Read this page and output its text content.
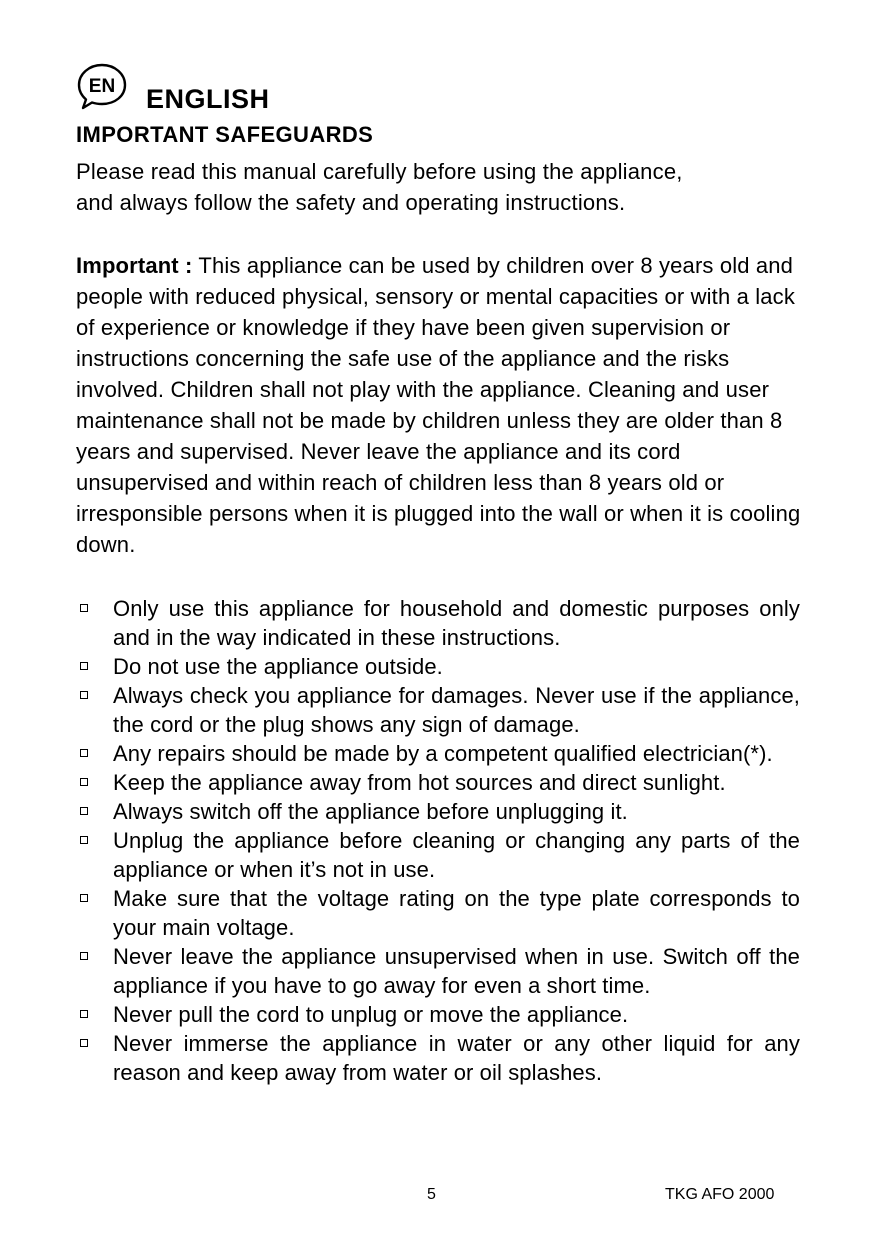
EN ENGLISH
IMPORTANT SAFEGUARDS

Please read this manual carefully before using the appliance,

and always follow the safety and operating instructions.

Important : This appliance can be used by children over 8 years old and people with reduced physical, sensory or mental capacities or with a lack of experience or knowledge if they have been given supervision or instructions concerning the safe use of the appliance and the risks involved. Children shall not play with the appliance. Cleaning and user maintenance shall not be made by children unless they are older than 8 years and supervised. Never leave the appliance and its cord unsupervised and within reach of children less than 8 years old or irresponsible persons when it is plugged into the wall or when it is cooling down.
Only use this appliance for household and domestic purposes only and in the way indicated in these instructions.
Do not use the appliance outside.
Always check you appliance for damages. Never use if the appliance, the cord or the plug shows any sign of damage.
Any repairs should be made by a competent qualified electrician(*).
Keep the appliance away from hot sources and direct sunlight.
Always switch off the appliance before unplugging it.
Unplug the appliance before cleaning or changing any parts of the appliance or when it’s not in use.
Make sure that the voltage rating on the type plate corresponds to your main voltage.
Never leave the appliance unsupervised when in use. Switch off the appliance if you have to go away for even a short time.
Never pull the cord to unplug or move the appliance.
Never immerse the appliance in water or any other liquid for any reason and keep away from water or oil splashes.
5	TKG AFO 2000
